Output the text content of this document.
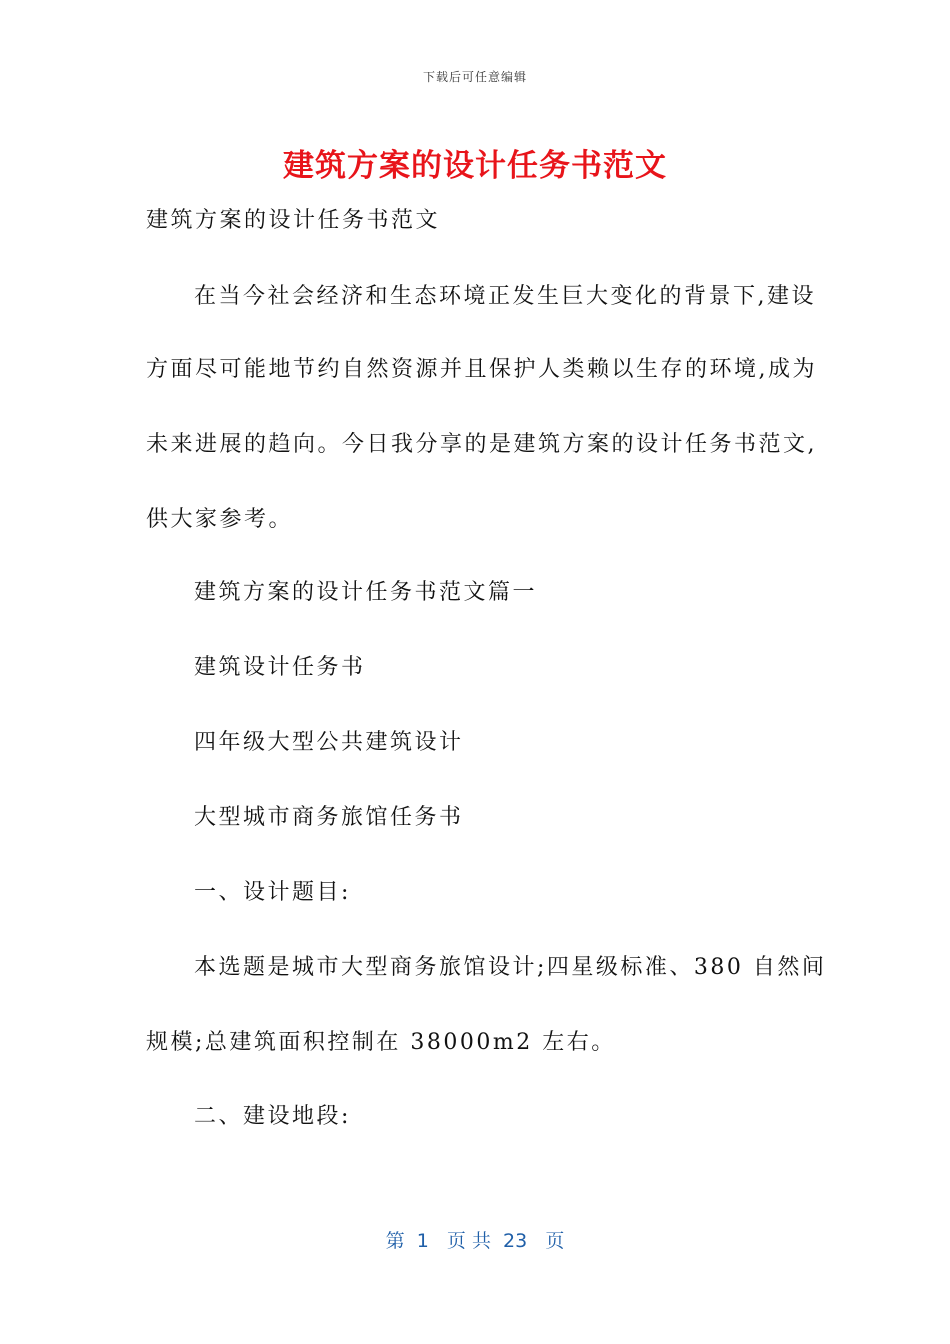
下载后可任意编辑
建筑方案的设计任务书范文
建筑方案的设计任务书范文
在当今社会经济和生态环境正发生巨大变化的背景下,建设
方面尽可能地节约自然资源并且保护人类赖以生存的环境,成为
未来进展的趋向。今日我分享的是建筑方案的设计任务书范文,
供大家参考。
建筑方案的设计任务书范文篇一
建筑设计任务书
四年级大型公共建筑设计
大型城市商务旅馆任务书
一、设计题目:
本选题是城市大型商务旅馆设计;四星级标准、380 自然间
规模;总建筑面积控制在 38000m2 左右。
二、建设地段:
第  1   页 共  23   页
